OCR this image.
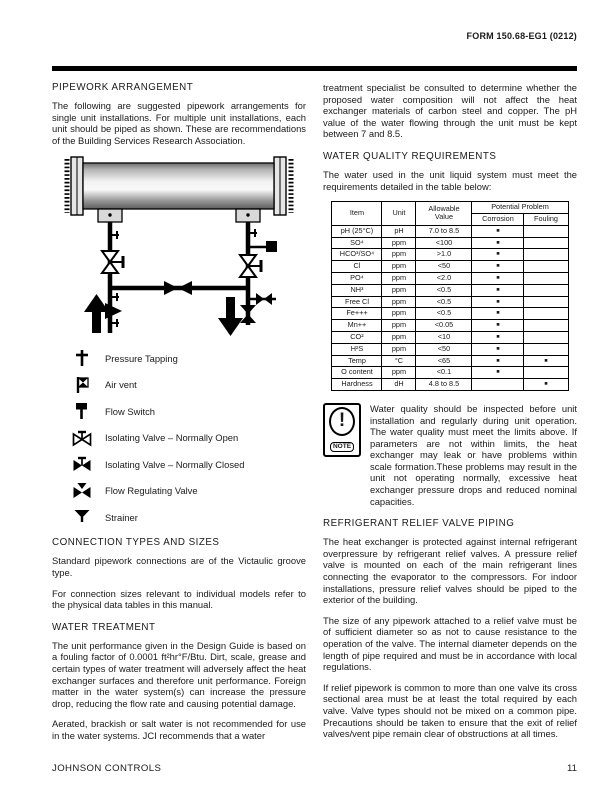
FORM 150.68-EG1 (0212)
PIPEWORK ARRANGEMENT

The following are suggested pipework arrangements for single unit installations. For multiple unit installations, each unit should be piped as shown. These are recommendations of the Building Services Research Association.

Pressure Tapping
Air vent
Flow Switch
Isolating Valve – Normally Open
Isolating Valve – Normally Closed
Flow Regulating Valve
Strainer
CONNECTION TYPES AND SIZES

Standard pipework connections are of the Victaulic groove type.

For connection sizes relevant to individual models refer to the physical data tables in this manual.

WATER TREATMENT

The unit performance given in the Design Guide is based on a fouling factor of 0.0001 ft²hr°F/Btu. Dirt, scale, grease and certain types of water treatment will adversely affect the heat exchanger surfaces and therefore unit performance. Foreign matter in the water system(s) can increase the pressure drop, reducing the flow rate and causing potential damage.

Aerated, brackish or salt water is not recommended for use in the water systems. JCI recommends that a water

treatment specialist be consulted to determine whether the proposed water composition will not affect the heat exchanger materials of carbon steel and copper. The pH value of the water flowing through the unit must be kept between 7 and 8.5.

WATER QUALITY REQUIREMENTS

The water used in the unit liquid system must meet the requirements detailed in the table below:

Item	Unit	Allowable Value	Potential Problem	
			Corrosion	Fouling
pH (25°C)	pH	7.0 to 8.5	■	
SO⁴	ppm	<100	■	
HCO³/SO⁴	ppm	>1.0	■	
Cl	ppm	<50	■	
PO⁴	ppm	<2.0	■	
NH³	ppm	<0.5	■	
Free Cl	ppm	<0.5	■	
Fe+++	ppm	<0.5	■	
Mn++	ppm	<0.05	■	
CO²	ppm	<10	■	
H²S	ppm	<50	■	
Temp	°C	<65	■	■
O content	ppm	<0.1	■	
Hardness	dH	4.8 to 8.5		■
!
NOTE
Water quality should be inspected before unit installation and regularly during unit operation. The water quality must meet the limits above. If parameters are not within limits, the heat exchanger may leak or have problems within scale formation.These problems may result in the unit not operating normally, excessive heat exchanger pressure drops and reduced nominal capacities.
REFRIGERANT RELIEF VALVE PIPING

The heat exchanger is protected against internal refrigerant overpressure by refrigerant relief valves. A pressure relief valve is mounted on each of the main refrigerant lines connecting the evaporator to the compressors. For indoor installations, pressure relief valves should be piped to the exterior of the building.

The size of any pipework attached to a relief valve must be of sufficient diameter so as not to cause resistance to the operation of the valve. The internal diameter depends on the length of pipe required and must be in accordance with local regulations.

If relief pipework is common to more than one valve its cross sectional area must be at least the total required by each valve. Valve types should not be mixed on a common pipe. Precautions should be taken to ensure that the exit of relief valves/vent pipe remain clear of obstructions at all times.

JOHNSON CONTROLS	11
